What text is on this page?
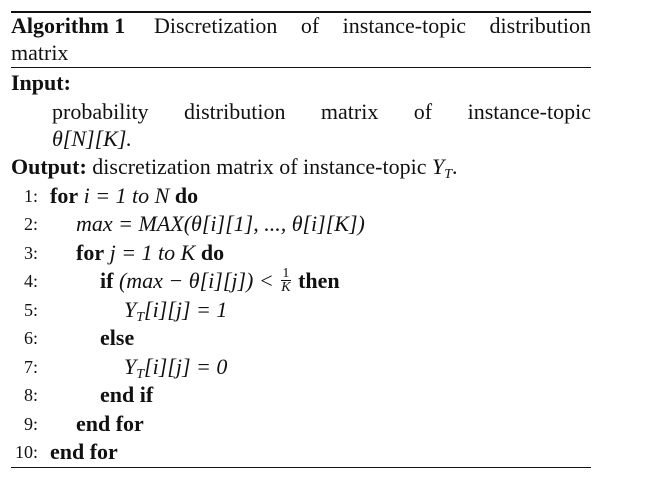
Algorithm 1 Discretization of instance-topic distribution
matrix
Input:
probability distribution matrix of instance-topic
θ[N][K].
Output: discretization matrix of instance-topic $Y_T$.
1: for i = 1 to N do
2: max = MAX(θ[i][1], ..., θ[i][K])
3: for j = 1 to K do
4:	if $(\max - \theta[i][j]) < \frac{1}{K}$ then
5:	$Y_T[i][j] = 1$
6:	else
7:	$Y_T[i][j] = 0$
8:	end if
9: end for
10: end for
